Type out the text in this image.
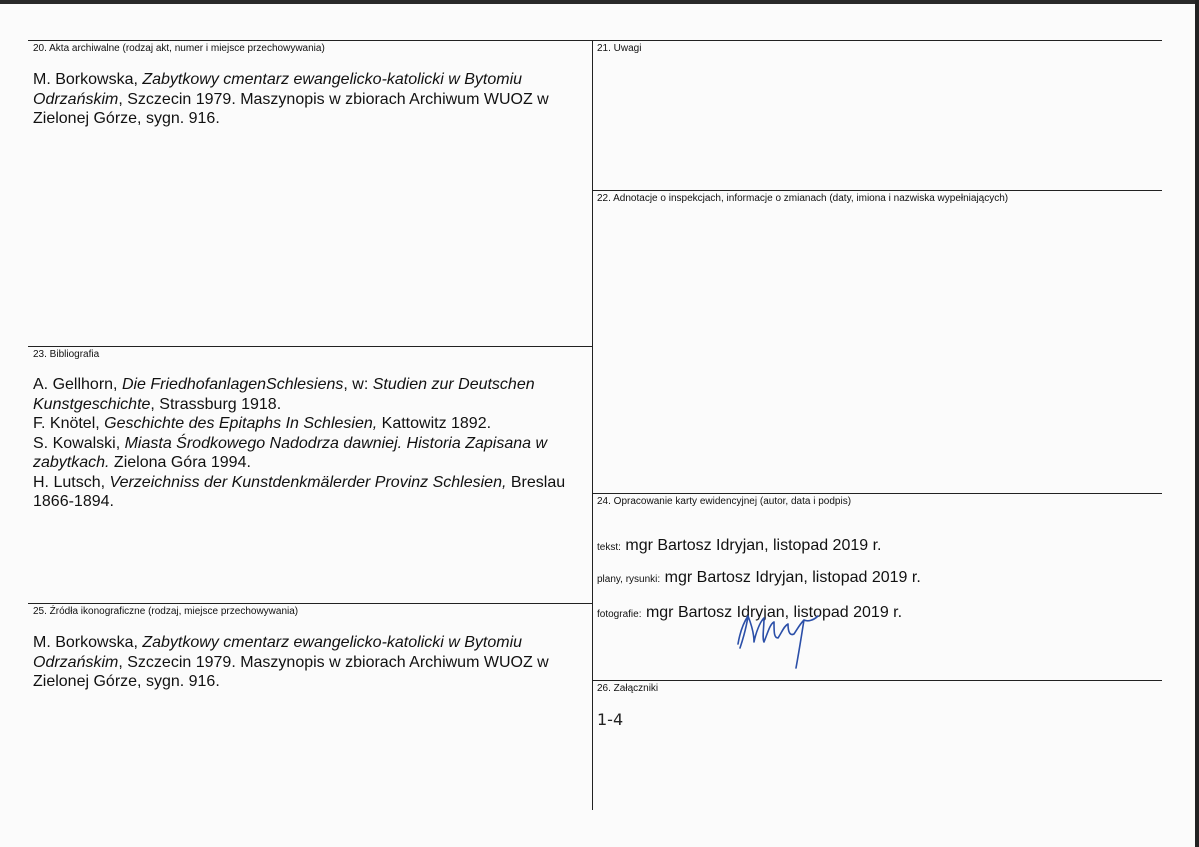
20. Akta archiwalne (rodzaj akt, numer i miejsce przechowywania)

M. Borkowska, Zabytkowy cmentarz ewangelicko-katolicki w Bytomiu Odrzańskim, Szczecin 1979. Maszynopis w zbiorach Archiwum WUOZ w Zielonej Górze, sygn. 916.

21. Uwagi
22. Adnotacje o inspekcjach, informacje o zmianach (daty, imiona i nazwiska wypełniających)
23. Bibliografia

A. Gellhorn, Die FriedhofanlagenSchlesiens, w: Studien zur Deutschen Kunstgeschichte, Strassburg 1918.

F. Knötel, Geschichte des Epitaphs In Schlesien, Kattowitz 1892.

S. Kowalski, Miasta Środkowego Nadodrza dawniej. Historia Zapisana w zabytkach. Zielona Góra 1994.

H. Lutsch, Verzeichniss der Kunstdenkmälerder Provinz Schlesien, Breslau 1866-1894.	24. Opracowanie karty ewidencyjnej (autor, data i podpis)
tekst: mgr Bartosz Idryjan, listopad 2019 r.
plany, rysunki: mgr Bartosz Idryjan, listopad 2019 r.
fotografie: mgr Bartosz Idryjan, listopad 2019 r.
25. Źródła ikonograficzne (rodzaj, miejsce przechowywania)

M. Borkowska, Zabytkowy cmentarz ewangelicko-katolicki w Bytomiu Odrzańskim, Szczecin 1979. Maszynopis w zbiorach Archiwum WUOZ w Zielonej Górze, sygn. 916.	26. Załączniki
1-4
